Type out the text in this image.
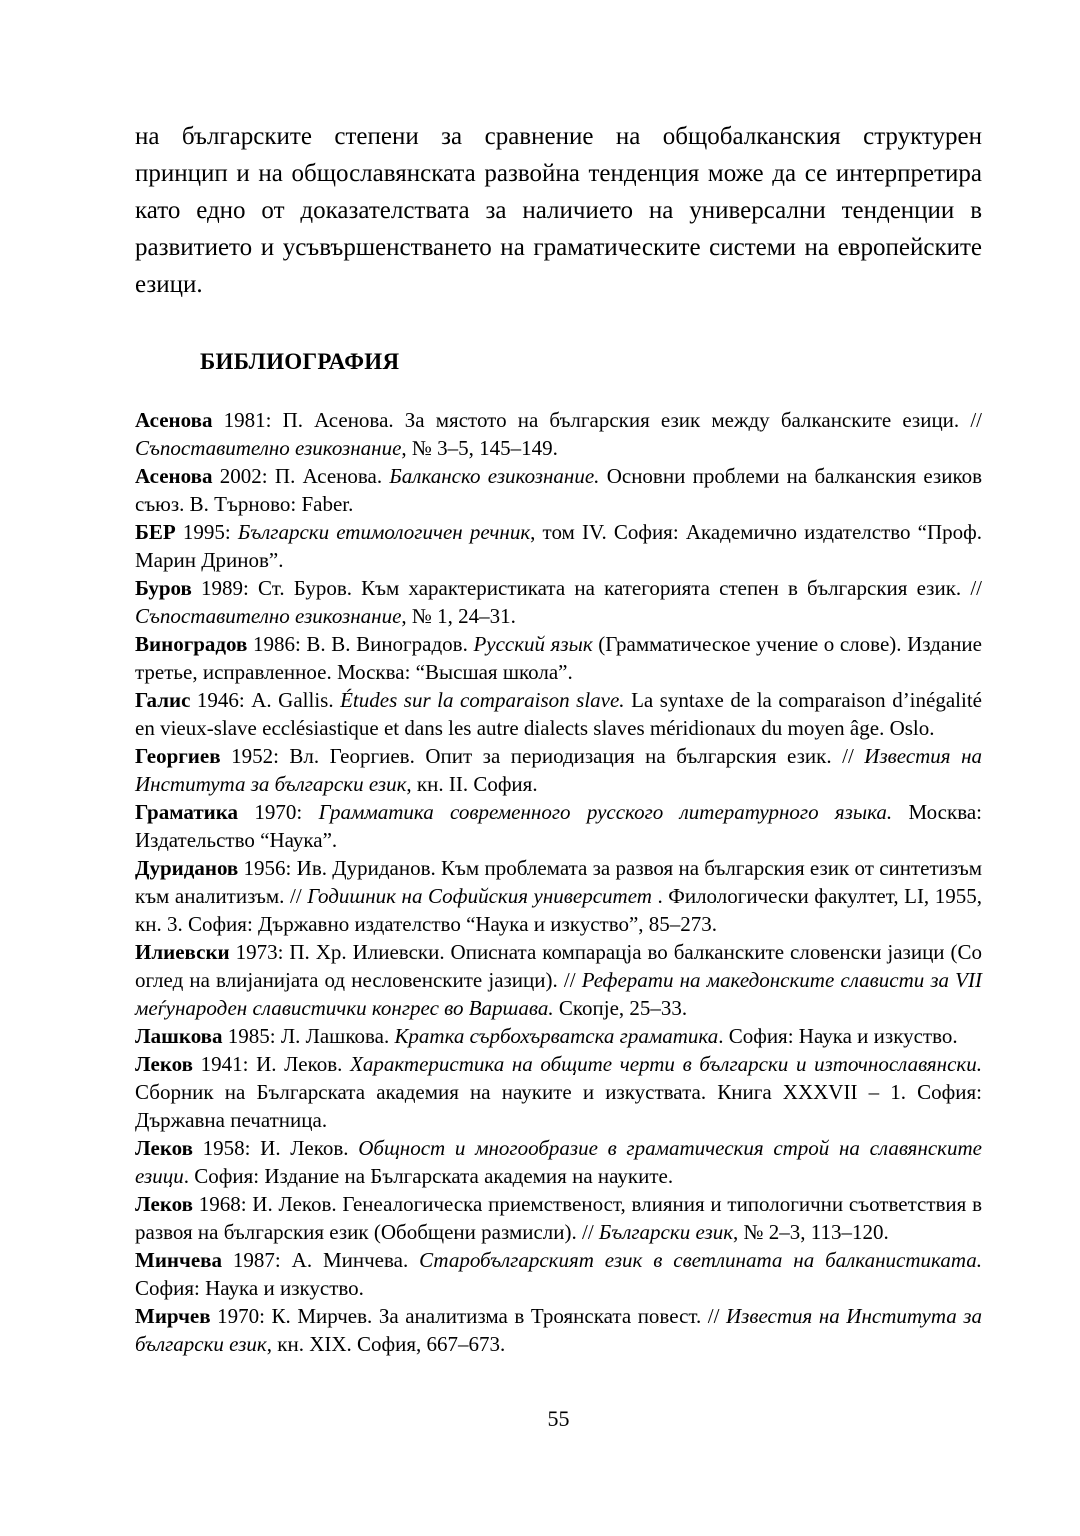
на българските степени за сравнение на общобалканския структурен принцип и на общославянската развойна тенденция може да се интерпретира като едно от доказателствата за наличието на универсални тенденции в развитието и усъвършенстването на граматическите системи на европейските езици.

БИБЛИОГРАФИЯ

Асенова 1981: П. Асенова. За мястото на българския език между балканските езици. // Съпоставително езикознание, № 3–5, 145–149.

Асенова 2002: П. Асенова. Балканско езикознание. Основни проблеми на балканския езиков съюз. В. Търново: Faber.

БЕР 1995: Български етимологичен речник, том IV. София: Академично издателство “Проф. Марин Дринов”.

Буров 1989: Ст. Буров. Към характеристиката на категорията степен в българския език. // Съпоставително езикознание, № 1, 24–31.

Виноградов 1986: В. В. Виноградов. Русский язык (Грамматическое учение о слове). Издание третье, исправленное. Москва: “Высшая школа”.

Галис 1946: A. Gallis. Études sur la comparaison slave. La syntaxe de la comparaison d’inégalité en vieux-slave ecclésiastique et dans les autre dialects slaves méridionaux du moyen âge. Oslo.

Георгиев 1952: Вл. Георгиев. Опит за периодизация на българския език. // Известия на Института за български език, кн. II. София.

Граматика 1970: Грамматика современного русского литературного языка. Москва: Издательство “Наука”.

Дуриданов 1956: Ив. Дуриданов. Към проблемата за развоя на българския език от синтетизъм към аналитизъм. // Годишник на Софийския университет . Филологически факултет, LI, 1955, кн. 3. София: Държавно издателство “Наука и изкуство”, 85–273.

Илиевски 1973: П. Хр. Илиевски. Описната компарацја во балканските словенски јазици (Со оглед на влијанијата од несловенските јазици). // Реферати на македонските слависти за VII меѓународен славистички конгрес во Варшава. Скопје, 25–33.

Лашкова 1985: Л. Лашкова. Кратка сърбохърватска граматика. София: Наука и изкуство.

Леков 1941: И. Леков. Характеристика на общите черти в български и източнославянски. Сборник на Българската академия на науките и изкуствата. Книга XXXVII – 1. София: Държавна печатница.

Леков 1958: И. Леков. Общност и многообразие в граматическия строй на славянските езици. София: Издание на Българската академия на науките.

Леков 1968: И. Леков. Генеалогическа приемственост, влияния и типологични съответствия в развоя на българския език (Обобщени размисли). // Български език, № 2–3, 113–120.

Минчева 1987: А. Минчева. Старобългарският език в светлината на балканистиката. София: Наука и изкуство.

Мирчев 1970: К. Мирчев. За аналитизма в Троянската повест. // Известия на Института за български език, кн. XIX. София, 667–673.

55
